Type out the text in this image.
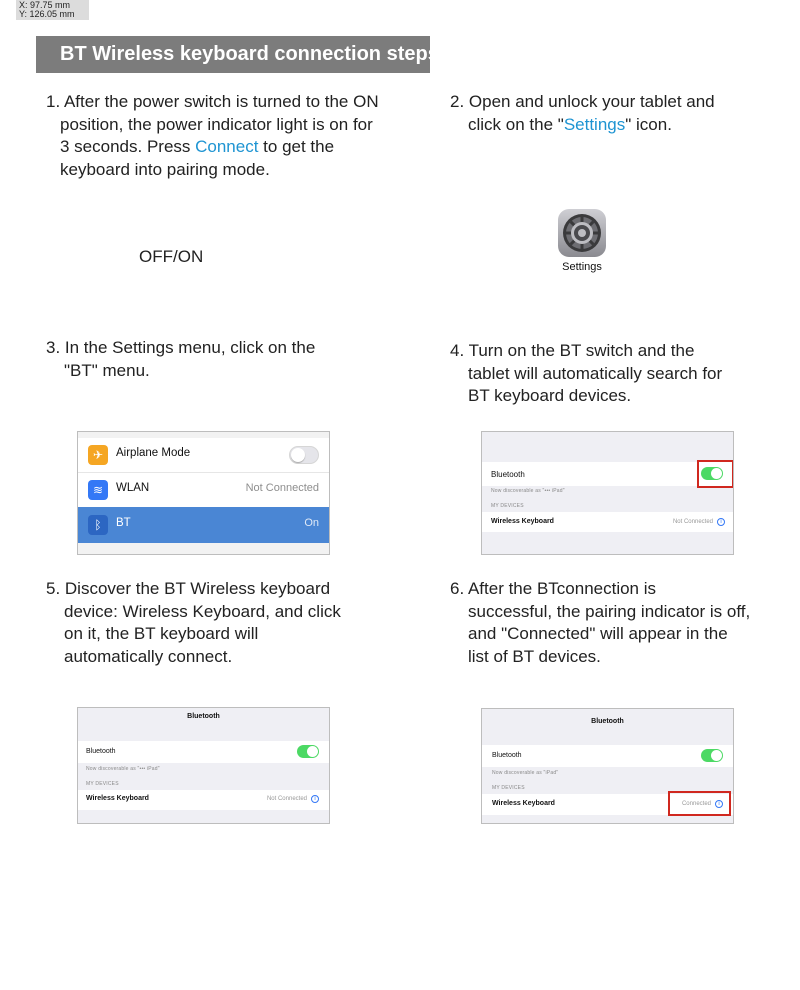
X: 97.75 mm
Y: 126.05 mm
BT Wireless keyboard connection steps
1. After the power switch is turned to the ON
position, the power indicator light is on for
3 seconds. Press Connect to get the
keyboard into pairing mode.
2. Open and unlock your tablet and
click on the "Settings" icon.
OFF/ON
Settings
3. In the Settings menu, click on the
"BT" menu.
4. Turn on the BT switch and the
tablet will automatically search for
BT keyboard devices.
✈	Airplane Mode
≋	WLAN	Not Connected
ᛒ	BT	On
Bluetooth
Now discoverable as "••• iPad"
MY DEVICES
Wireless Keyboard	Not Connected	i
5. Discover the BT Wireless keyboard
device: Wireless Keyboard, and click
on it, the BT keyboard will
automatically connect.
6. After the BTconnection is
successful, the pairing indicator is off,
and "Connected" will appear in the
list of BT devices.
Bluetooth
Bluetooth
Now discoverable as "••• iPad"
MY DEVICES
Wireless Keyboard	Not Connected	i
Bluetooth
Bluetooth
Now discoverable as "iPad"
MY DEVICES
Wireless Keyboard	Connected	i
